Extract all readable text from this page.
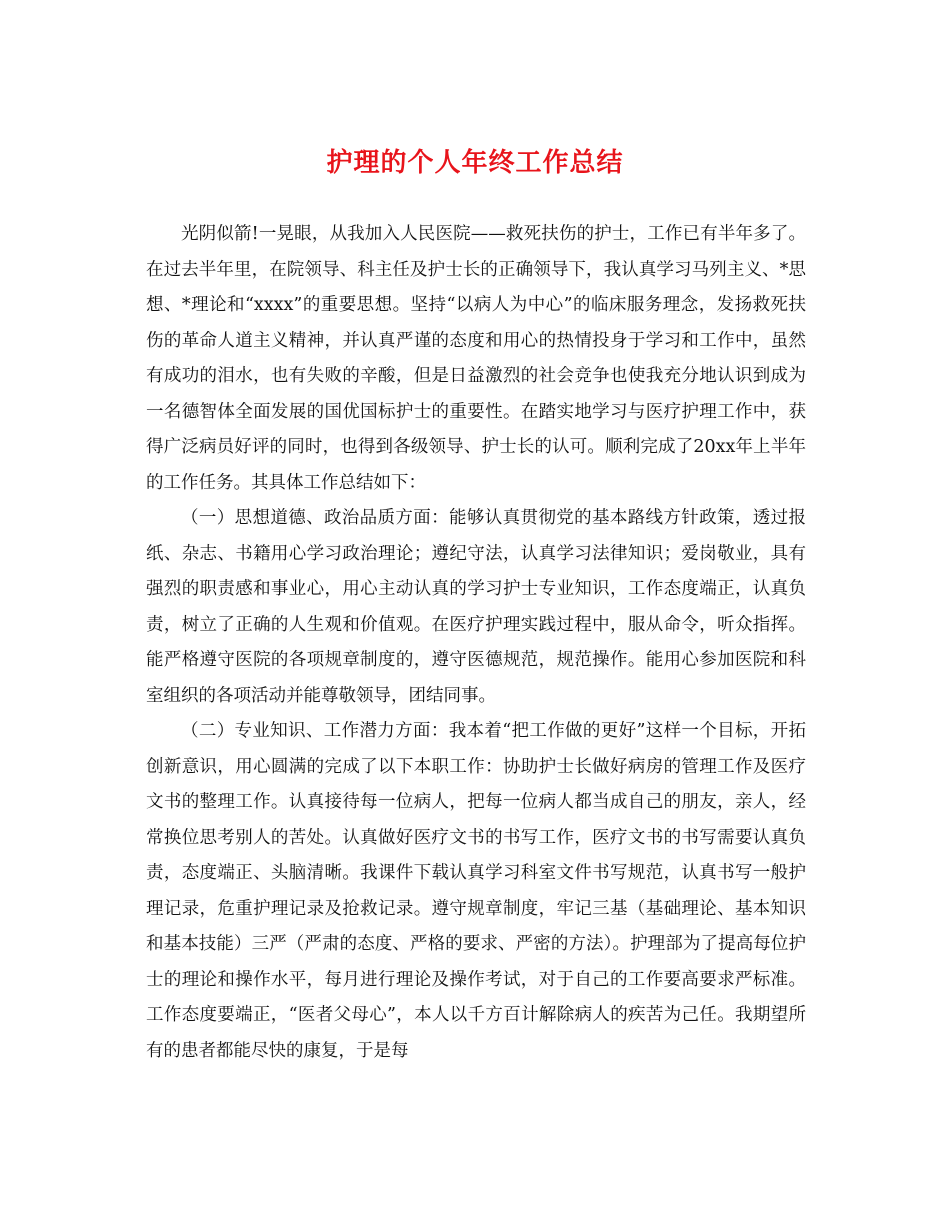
护理的个人年终工作总结

光阴似箭!一晃眼，从我加入人民医院——救死扶伤的护士，工作已有半年多了。在过去半年里，在院领导、科主任及护士长的正确领导下，我认真学习马列主义、*思想、*理论和“xxxx”的重要思想。坚持“以病人为中心”的临床服务理念，发扬救死扶伤的革命人道主义精神，并认真严谨的态度和用心的热情投身于学习和工作中，虽然有成功的泪水，也有失败的辛酸，但是日益激烈的社会竞争也使我充分地认识到成为一名德智体全面发展的国优国标护士的重要性。在踏实地学习与医疗护理工作中，获得广泛病员好评的同时，也得到各级领导、护士长的认可。顺利完成了20xx年上半年的工作任务。其具体工作总结如下：

（一）思想道德、政治品质方面：能够认真贯彻党的基本路线方针政策，透过报纸、杂志、书籍用心学习政治理论；遵纪守法，认真学习法律知识；爱岗敬业，具有强烈的职责感和事业心，用心主动认真的学习护士专业知识，工作态度端正，认真负责，树立了正确的人生观和价值观。在医疗护理实践过程中，服从命令，听众指挥。能严格遵守医院的各项规章制度的，遵守医德规范，规范操作。能用心参加医院和科室组织的各项活动并能尊敬领导，团结同事。

（二）专业知识、工作潜力方面：我本着“把工作做的更好”这样一个目标，开拓创新意识，用心圆满的完成了以下本职工作：协助护士长做好病房的管理工作及医疗文书的整理工作。认真接待每一位病人，把每一位病人都当成自己的朋友，亲人，经常换位思考别人的苦处。认真做好医疗文书的书写工作，医疗文书的书写需要认真负责，态度端正、头脑清晰。我课件下载认真学习科室文件书写规范，认真书写一般护理记录，危重护理记录及抢救记录。遵守规章制度，牢记三基（基础理论、基本知识和基本技能）三严（严肃的态度、严格的要求、严密的方法）。护理部为了提高每位护士的理论和操作水平，每月进行理论及操作考试，对于自己的工作要高要求严标准。工作态度要端正，“医者父母心”，本人以千方百计解除病人的疾苦为己任。我期望所有的患者都能尽快的康复，于是每
